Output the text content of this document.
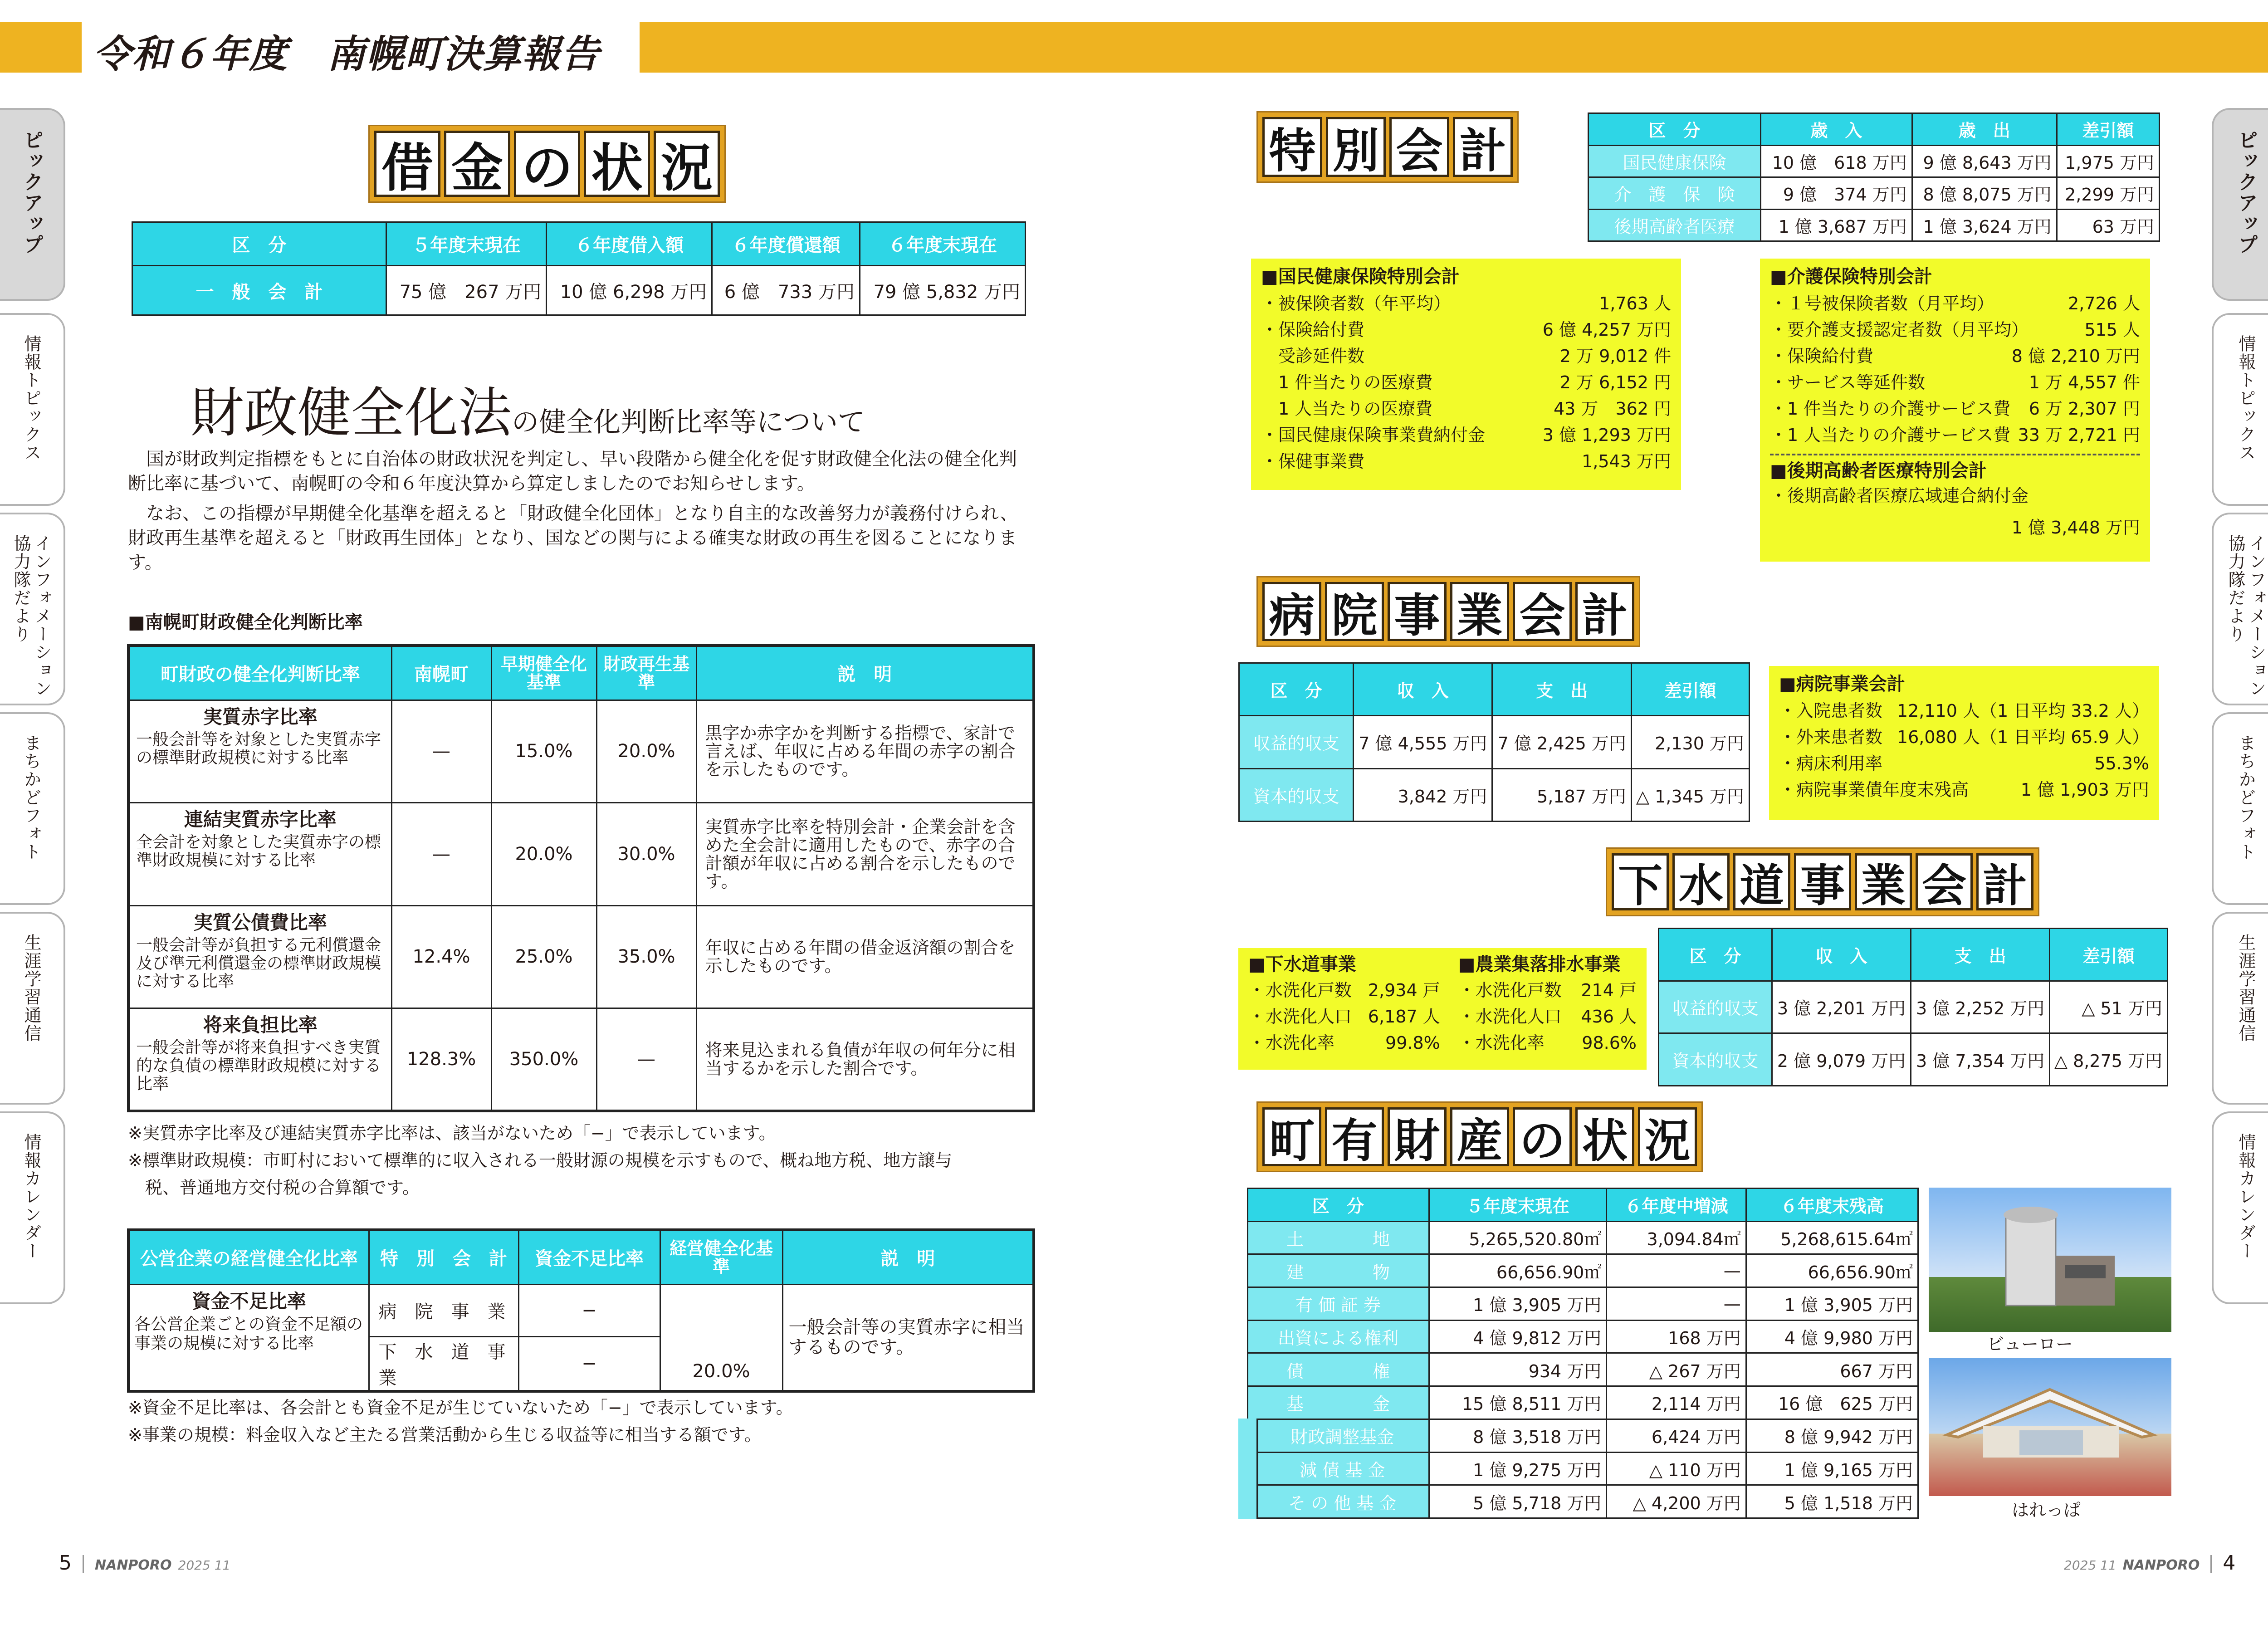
令和６年度　南幌町決算報告
ピックアップ
情報トピックス
インフォメーション
協力隊だより
まちかどフォト
生涯学習通信
情報カレンダー
ピックアップ
情報トピックス
インフォメーション
協力隊だより
まちかどフォト
生涯学習通信
情報カレンダー
借 金 の 状 況
区　分	５年度末現在	６年度借入額	６年度償還額	６年度末現在
一　般　会　計	75 億　267 万円	10 億 6,298 万円	6 億　733 万円	79 億 5,832 万円
財政健全化法の健全化判断比率等について
国が財政判定指標をもとに自治体の財政状況を判定し、早い段階から健全化を促す財政健全化法の健全化判断比率に基づいて、南幌町の令和６年度決算から算定しましたのでお知らせします。
なお、この指標が早期健全化基準を超えると「財政健全化団体」となり自主的な改善努力が義務付けられ、財政再生基準を超えると「財政再生団体」となり、国などの関与による確実な財政の再生を図ることになります。
■南幌町財政健全化判断比率
町財政の健全化判断比率	南幌町	早期健全化基準	財政再生基準	説　明

実質赤字比率
一般会計等を対象とした実質赤字の標準財政規模に対する比率	—	15.0%	20.0%	黒字か赤字かを判断する指標で、家計で言えば、年収に占める年間の赤字の割合を示したものです。

連結実質赤字比率
全会計を対象とした実質赤字の標準財政規模に対する比率	—	20.0%	30.0%	実質赤字比率を特別会計・企業会計を含めた全会計に適用したもので、赤字の合計額が年収に占める割合を示したものです。

実質公債費比率
一般会計等が負担する元利償還金及び準元利償還金の標準財政規模に対する比率	12.4%	25.0%	35.0%	年収に占める年間の借金返済額の割合を示したものです。

将来負担比率
一般会計等が将来負担すべき実質的な負債の標準財政規模に対する比率	128.3%	350.0%	—	将来見込まれる負債が年収の何年分に相当するかを示した割合です。
※実質赤字比率及び連結実質赤字比率は、該当がないため「−」で表示しています。
※標準財政規模：市町村において標準的に収入される一般財源の規模を示すもので、概ね地方税、地方譲与
　税、普通地方交付税の合算額です。
公営企業の経営健全化比率	特　別　会　計	資金不足比率	経営健全化基準	説　明

資金不足比率
各公営企業ごとの資金不足額の事業の規模に対する比率	病　院　事　業	−	20.0%	一般会計等の実質赤字に相当するものです。
	下　水　道　事　業	−		
※資金不足比率は、各会計とも資金不足が生じていないため「−」で表示しています。
※事業の規模：料金収入など主たる営業活動から生じる収益等に相当する額です。
特 別 会 計	区　分	歳　入	歳　出	差引額
国民健康保険	10 億　618 万円	9 億 8,643 万円	1,975 万円
介　護　保　険	9 億　374 万円	8 億 8,075 万円	2,299 万円
後期高齢者医療	1 億 3,687 万円	1 億 3,624 万円	63 万円
■国民健康保険特別会計
・被保険者数（年平均）	1,763 人
・保険給付費	6 億 4,257 万円
　受診延件数	2 万 9,012 件
　1 件当たりの医療費	2 万 6,152 円
　1 人当たりの医療費	43 万　362 円
・国民健康保険事業費納付金	3 億 1,293 万円
・保健事業費	1,543 万円
■介護保険特別会計
・１号被保険者数（月平均）	2,726 人
・要介護支援認定者数（月平均）	515 人
・保険給付費	8 億 2,210 万円
・サービス等延件数	1 万 4,557 件
・1 件当たりの介護サービス費 6 万 2,307 円
・1 人当たりの介護サービス費 33 万 2,721 円
■後期高齢者医療特別会計
・後期高齢者医療広域連合納付金
1 億 3,448 万円
病 院 事 業 会 計
区　分	収　入	支　出	差引額
収益的収支	7 億 4,555 万円	7 億 2,425 万円	2,130 万円
資本的収支	3,842 万円	5,187 万円	△ 1,345 万円
■病院事業会計
・入院患者数 12,110 人（1 日平均 33.2 人）
・外来患者数 16,080 人（1 日平均 65.9 人）
・病床利用率	55.3%
・病院事業債年度末残高	1 億 1,903 万円
下 水 道 事 業 会 計
区　分	収　入	支　出	差引額
収益的収支	3 億 2,201 万円	3 億 2,252 万円	△ 51 万円
資本的収支	2 億 9,079 万円	3 億 7,354 万円	△ 8,275 万円
■下水道事業
・水洗化戸数 2,934 戸
・水洗化人口 6,187 人
・水洗化率	99.8%
■農業集落排水事業
・水洗化戸数 214 戸
・水洗化人口 436 人
・水洗化率 98.6%
町 有 財 産 の 状 況
区　分	５年度末現在	６年度中増減	６年度末残高
土　　　　地	5,265,520.80㎡	3,094.84㎡	5,268,615.64㎡
建　　　　物	66,656.90㎡	—	66,656.90㎡
有 価 証 券	1 億 3,905 万円	—	1 億 3,905 万円
出資による権利	4 億 9,812 万円	168 万円	4 億 9,980 万円
債　　　　権	934 万円	△ 267 万円	667 万円
基　　　　金	15 億 8,511 万円	2,114 万円	16 億　625 万円
財政調整基金	8 億 3,518 万円	6,424 万円	8 億 9,942 万円
減 債 基 金	1 億 9,275 万円	△ 110 万円	1 億 9,165 万円
そ の 他 基 金	5 億 5,718 万円	△ 4,200 万円	5 億 1,518 万円
ビューロー
はれっぱ
5 NANPORO 2025 11	2025 11 NANPORO 4
